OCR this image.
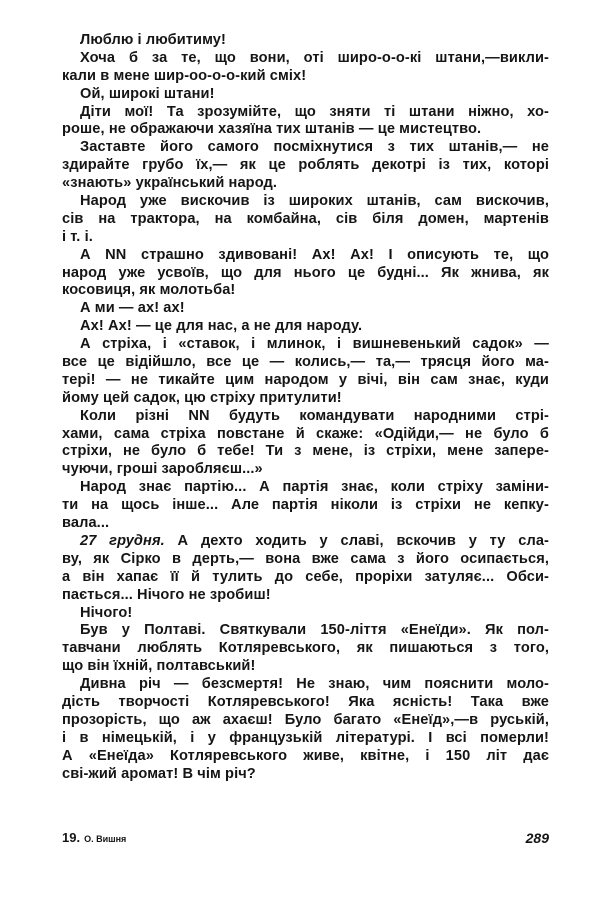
Люблю і любитиму!
Хоча б за те, що вони, оті широ-о-о-кі штани,—викли-
кали в мене шир-оо-о-о-кий сміх!
Ой, широкі штани!
Діти мої! Та зрозумійте, що зняти ті штани ніжно, хо-
роше, не ображаючи хазяїна тих штанів — це мистецтво.
Заставте його самого посміхнутися з тих штанів,— не
здирайте грубо їх,— як це роблять декотрі із тих, которі
«знають» український народ.
Народ уже вискочив із широких штанів, сам вискочив,
сів на трактора, на комбайна, сів біля домен, мартенів
і т. і.
А NN страшно здивовані! Ах! Ах! І описують те, що
народ уже усвоїв, що для нього це будні... Як жнива, як
косовиця, як молотьба!
А ми — ах! ах!
Ах! Ах! — це для нас, а не для народу.
А стріха, і «ставок, і млинок, і вишневенький садок» —
все це відійшло, все це — колись,— та,— трясця його ма-
тері! — не тикайте цим народом у вічі, він сам знає, куди
йому цей садок, цю стріху притулити!
Коли різні NN будуть командувати народними стрі-
хами, сама стріха повстане й скаже: «Одійди,— не було б
стріхи, не було б тебе! Ти з мене, із стріхи, мене запере-
чуючи, гроші заробляєш...»
Народ знає партію... А партія знає, коли стріху заміни-
ти на щось інше... Але партія ніколи із стріхи не кепку-
вала...
27 грудня. А дехто ходить у славі, вскочив у ту сла-
ву, як Сірко в дерть,— вона вже сама з його осипається,
а він хапає її й тулить до себе, проріхи затуляє... Обси-
пається... Нічого не зробиш!
Нічого!
Був у Полтаві. Святкували 150-ліття «Енеїди». Як пол-
тавчани люблять Котляревського, як пишаються з того,
що він їхній, полтавський!
Дивна річ — безсмертя! Не знаю, чим пояснити моло-
дість творчості Котляревського! Яка ясність! Така вже
прозорість, що аж ахаєш! Було багато «Енеїд»,—в руській,
і в німецькій, і у французькій літературі. І всі померли!
А «Енеїда» Котляревського живе, квітне, і 150 літ дає
сві-жий аромат! В чім річ?
19. О. Вишня	289
